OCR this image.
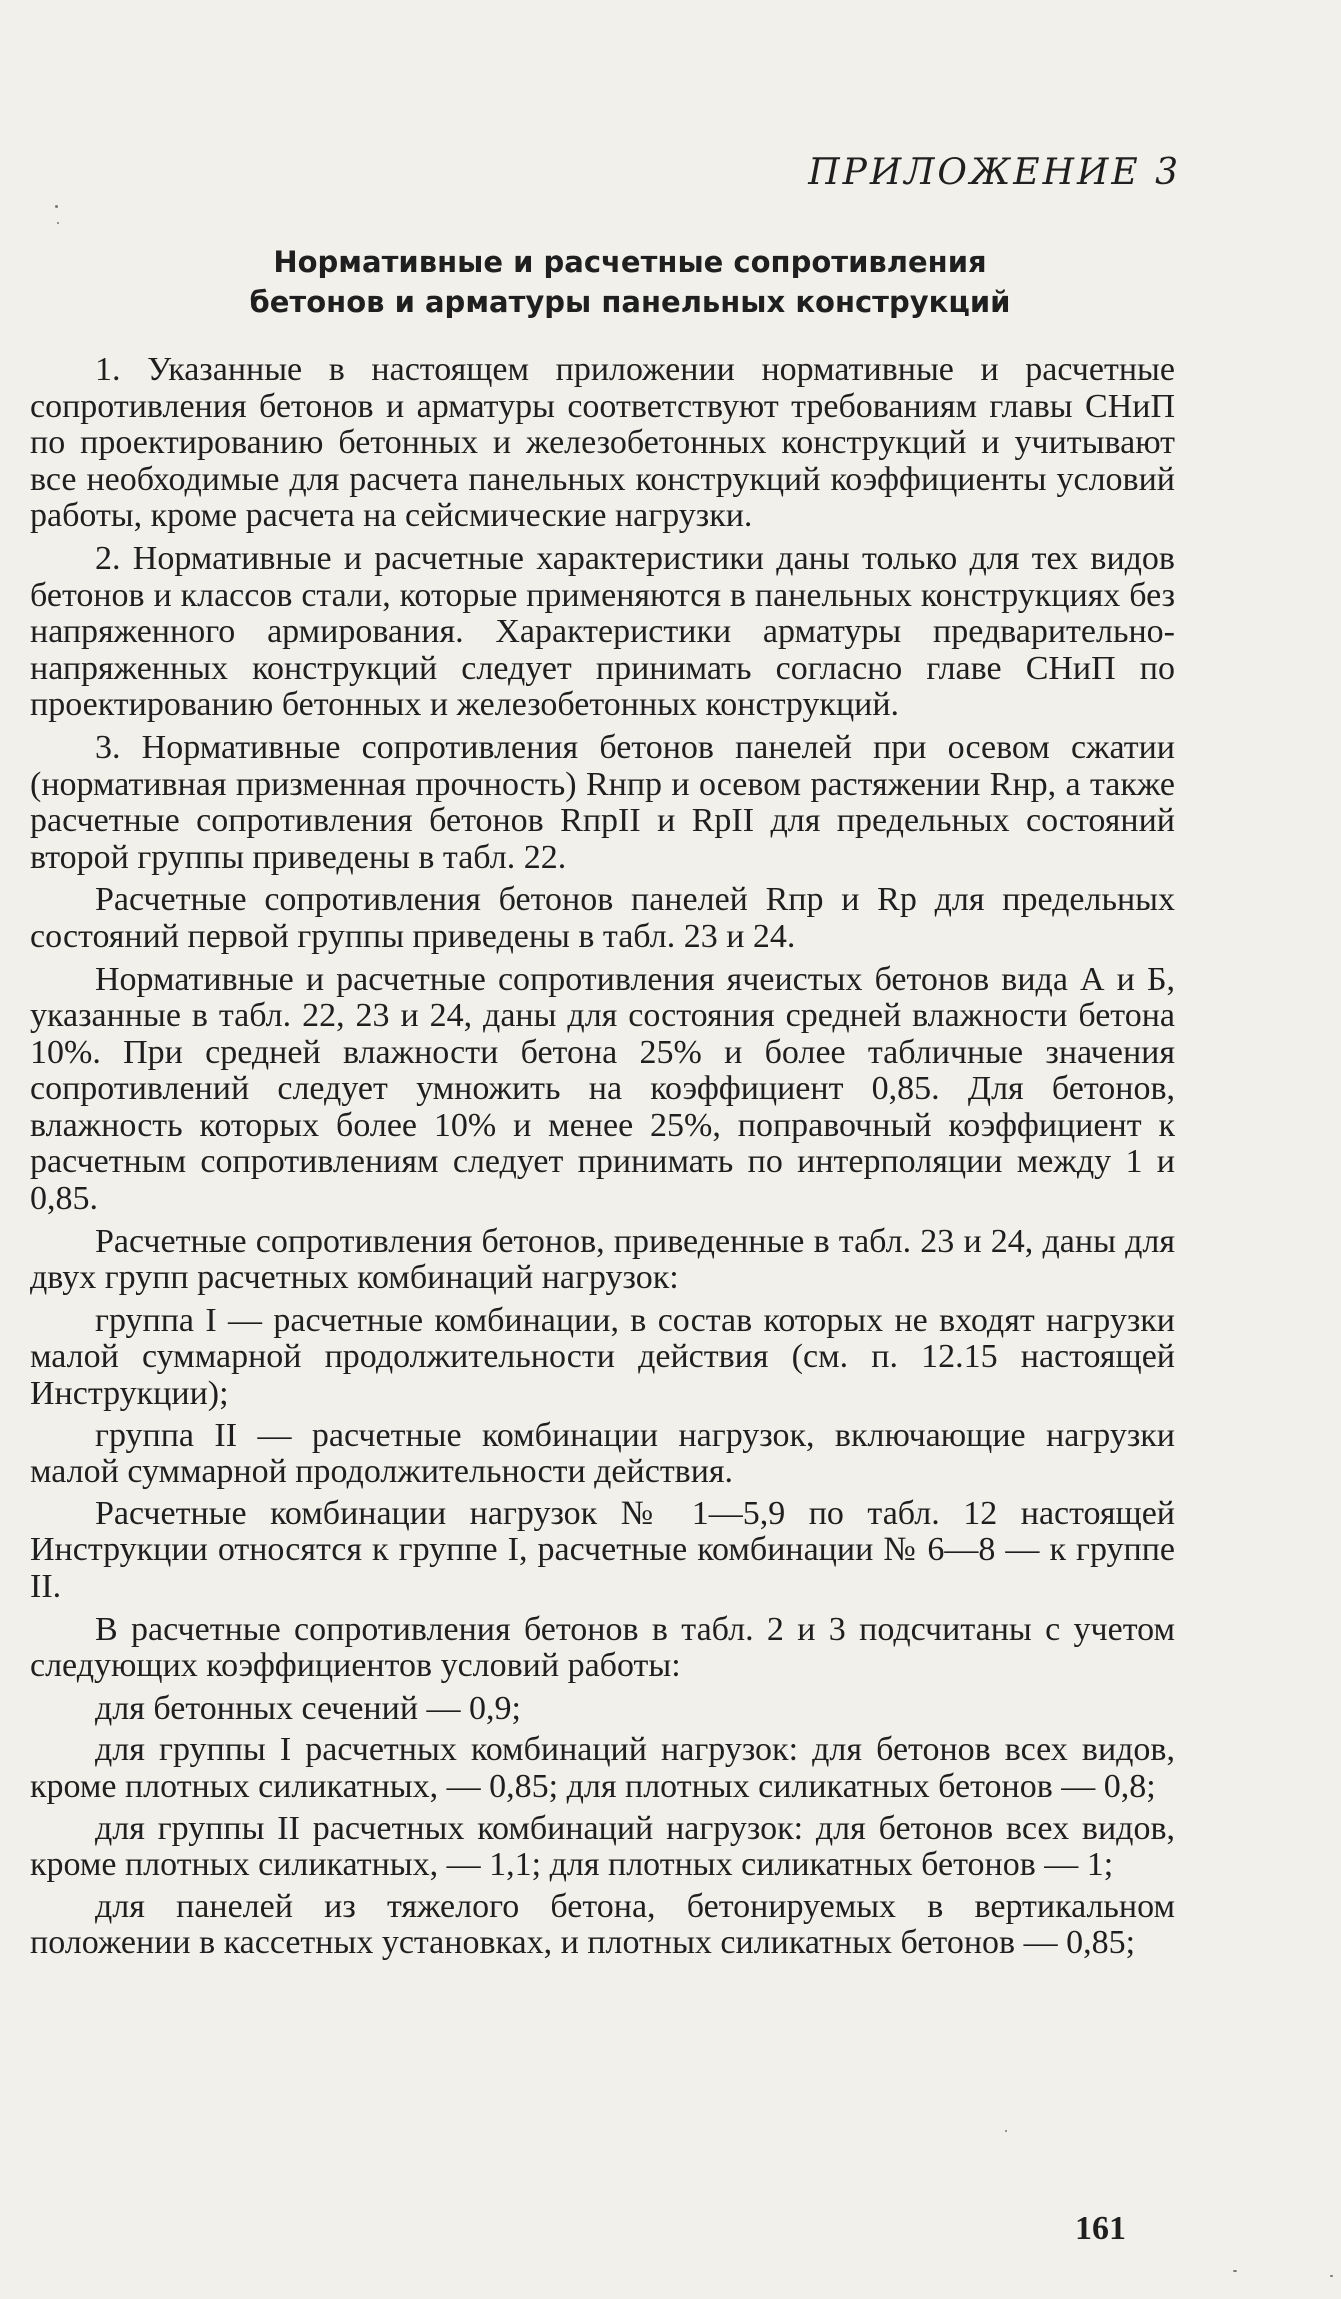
ПРИЛОЖЕНИЕ 3
Нормативные и расчетные сопротивления
бетонов и арматуры панельных конструкций

1. Указанные в настоящем приложении нормативные и расчетные сопротивления бетонов и арматуры соответствуют требованиям главы СНиП по проектированию бетонных и железобетонных конструкций и учитывают все необходимые для расчета панельных конструкций коэффициенты условий работы, кроме расчета на сейсмические нагрузки.

2. Нормативные и расчетные характеристики даны только для тех видов бетонов и классов стали, которые применяются в панельных конструкциях без напряженного армирования. Характеристики арматуры предварительно-напряженных конструкций следует принимать согласно главе СНиП по проектированию бетонных и железобетонных конструкций.

3. Нормативные сопротивления бетонов панелей при осевом сжатии (нормативная призменная прочность) Rнпр и осевом растяжении Rнр, а также расчетные сопротивления бетонов RпрII и RрII для предельных состояний второй группы приведены в табл. 22.

Расчетные сопротивления бетонов панелей Rпр и Rр для предельных состояний первой группы приведены в табл. 23 и 24.

Нормативные и расчетные сопротивления ячеистых бетонов вида А и Б, указанные в табл. 22, 23 и 24, даны для состояния средней влажности бетона 10%. При средней влажности бетона 25% и более табличные значения сопротивлений следует умножить на коэффициент 0,85. Для бетонов, влажность которых более 10% и менее 25%, поправочный коэффициент к расчетным сопротивлениям следует принимать по интерполяции между 1 и 0,85.

Расчетные сопротивления бетонов, приведенные в табл. 23 и 24, даны для двух групп расчетных комбинаций нагрузок:

группа I — расчетные комбинации, в состав которых не входят нагрузки малой суммарной продолжительности действия (см. п. 12.15 настоящей Инструкции);

группа II — расчетные комбинации нагрузок, включающие нагрузки малой суммарной продолжительности действия.

Расчетные комбинации нагрузок № 1—5,9 по табл. 12 настоящей Инструкции относятся к группе I, расчетные комбинации № 6—8 — к группе II.

В расчетные сопротивления бетонов в табл. 2 и 3 подсчитаны с учетом следующих коэффициентов условий работы:

для бетонных сечений — 0,9;

для группы I расчетных комбинаций нагрузок: для бетонов всех видов, кроме плотных силикатных, — 0,85; для плотных силикатных бетонов — 0,8;

для группы II расчетных комбинаций нагрузок: для бетонов всех видов, кроме плотных силикатных, — 1,1; для плотных силикатных бетонов — 1;

для панелей из тяжелого бетона, бетонируемых в вертикальном положении в кассетных установках, и плотных силикатных бетонов — 0,85;

161
